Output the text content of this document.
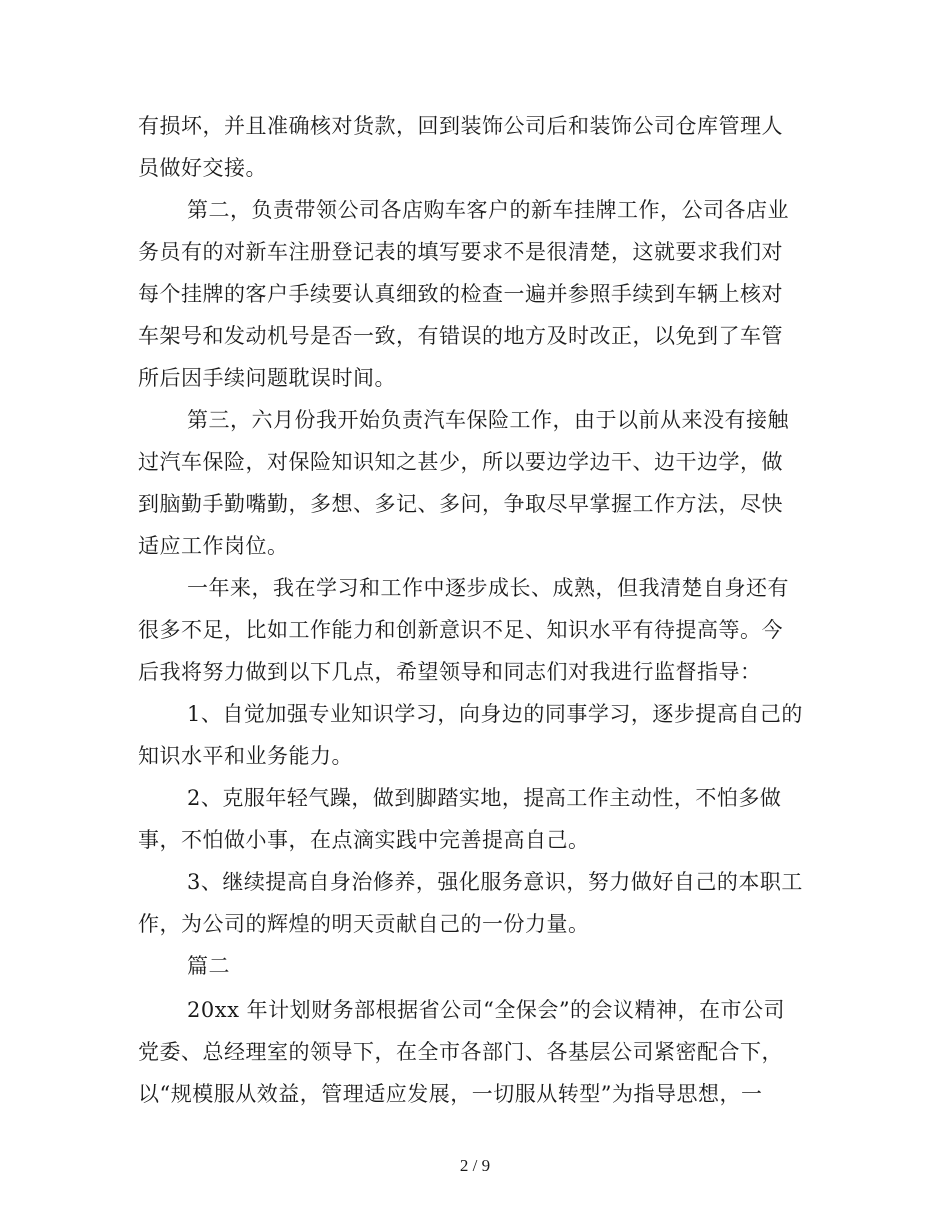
有损坏，并且准确核对货款，回到装饰公司后和装饰公司仓库管理人
员做好交接。
第二，负责带领公司各店购车客户的新车挂牌工作，公司各店业
务员有的对新车注册登记表的填写要求不是很清楚，这就要求我们对
每个挂牌的客户手续要认真细致的检查一遍并参照手续到车辆上核对
车架号和发动机号是否一致，有错误的地方及时改正，以免到了车管
所后因手续问题耽误时间。
第三，六月份我开始负责汽车保险工作，由于以前从来没有接触
过汽车保险，对保险知识知之甚少，所以要边学边干、边干边学，做
到脑勤手勤嘴勤，多想、多记、多问，争取尽早掌握工作方法，尽快
适应工作岗位。
一年来，我在学习和工作中逐步成长、成熟，但我清楚自身还有
很多不足，比如工作能力和创新意识不足、知识水平有待提高等。今
后我将努力做到以下几点，希望领导和同志们对我进行监督指导：
1、自觉加强专业知识学习，向身边的同事学习，逐步提高自己的
知识水平和业务能力。
2、克服年轻气躁，做到脚踏实地，提高工作主动性，不怕多做
事，不怕做小事，在点滴实践中完善提高自己。
3、继续提高自身治修养，强化服务意识，努力做好自己的本职工
作，为公司的辉煌的明天贡献自己的一份力量。
篇二
20xx 年计划财务部根据省公司“全保会”的会议精神，在市公司
党委、总经理室的领导下，在全市各部门、各基层公司紧密配合下，
以“规模服从效益，管理适应发展，一切服从转型”为指导思想，一
2 / 9
